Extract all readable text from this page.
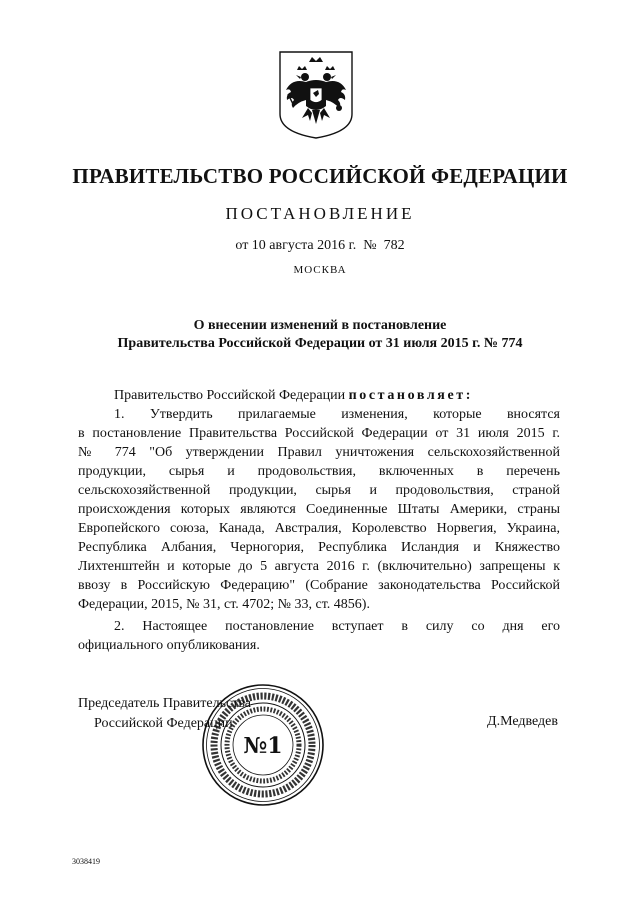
ПРАВИТЕЛЬСТВО РОССИЙСКОЙ ФЕДЕРАЦИИ
ПОСТАНОВЛЕНИЕ
от 10 августа 2016 г.  №  782
МОСКВА
О внесении изменений в постановление
Правительства Российской Федерации от 31 июля 2015 г. № 774
Правительство Российской Федерации постановляет:
1. Утвердить прилагаемые изменения, которые вносятся
в постановление Правительства Российской Федерации от 31 июля 2015 г.
№ 774 "Об утверждении Правил уничтожения сельскохозяйственной
продукции, сырья и продовольствия, включенных в перечень
сельскохозяйственной продукции, сырья и продовольствия, страной
происхождения которых являются Соединенные Штаты Америки, страны
Европейского союза, Канада, Австралия, Королевство Норвегия, Украина,
Республика Албания, Черногория, Республика Исландия и Княжество
Лихтенштейн и которые до 5 августа 2016 г. (включительно) запрещены к
ввозу в Российскую Федерацию" (Собрание законодательства Российской
Федерации, 2015, № 31, ст. 4702; № 33, ст. 4856).
2. Настоящее постановление вступает в силу со дня его
официального опубликования.
Председатель Правительства
Российской Федерации	Д.Медведев
№1
3038419
